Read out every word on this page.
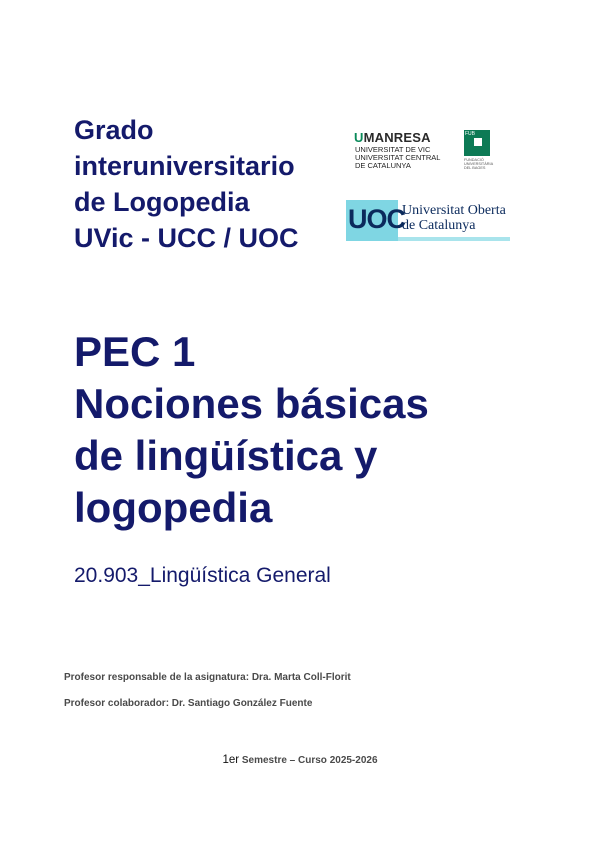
Grado
interuniversitario
de Logopedia
UVic - UCC / UOC
UMANRESA
UNIVERSITAT DE VIC
UNIVERSITAT CENTRAL
DE CATALUNYA
FUB
FUNDACIÓ
UNIVERSITÀRIA
DEL BAGES
UOC
Universitat Oberta
de Catalunya
PEC 1
Nociones básicas
de lingüística y
logopedia
20.903_Lingüística General
Profesor responsable de la asignatura: Dra. Marta Coll-Florit
Profesor colaborador: Dr. Santiago González Fuente
1er Semestre – Curso 2025-2026
